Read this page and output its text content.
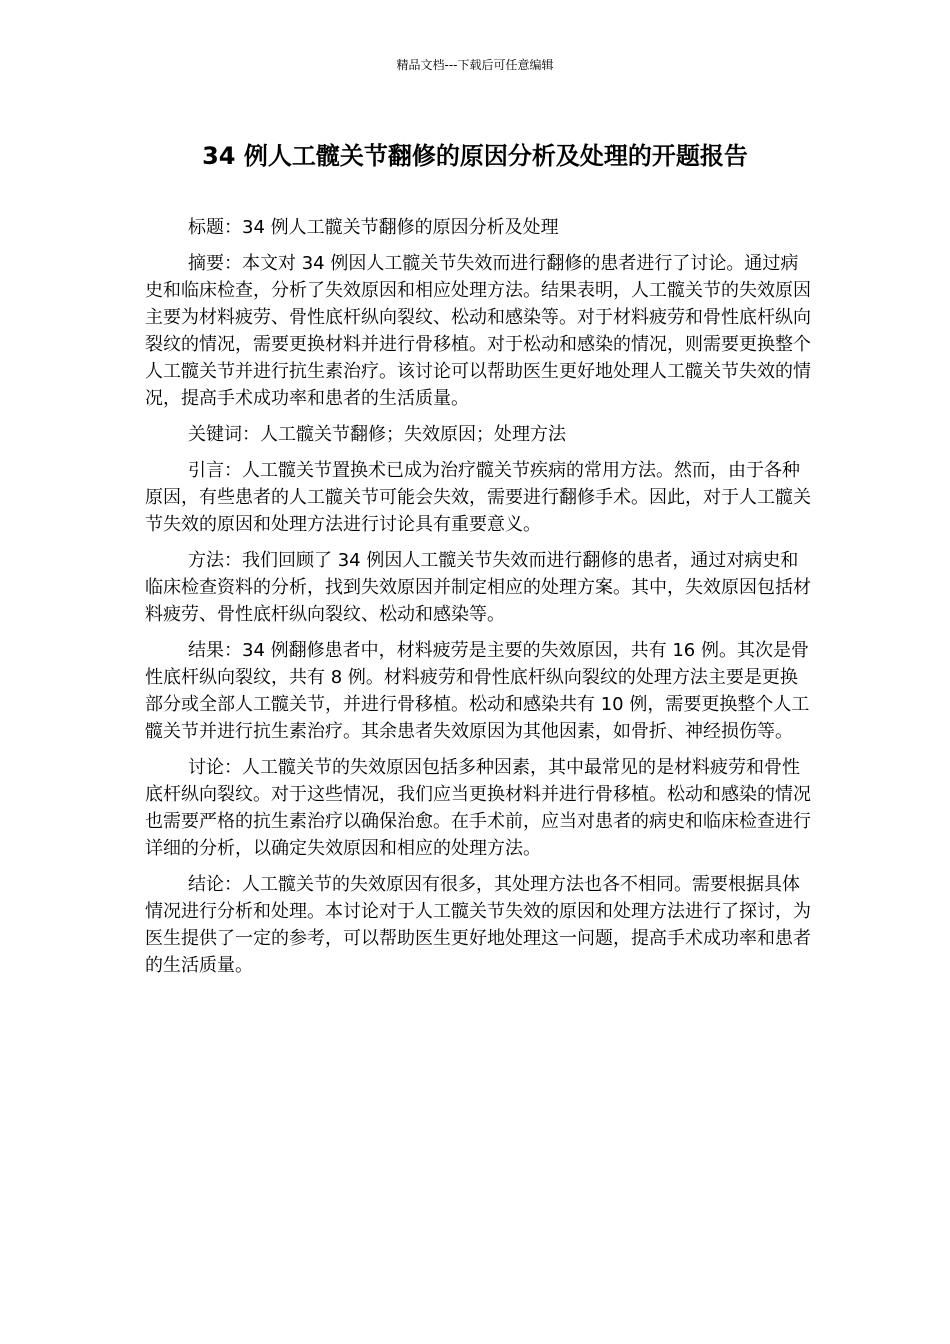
精品文档---下载后可任意编辑
34 例人工髋关节翻修的原因分析及处理的开题报告

标题：34 例人工髋关节翻修的原因分析及处理

摘要：本文对 34 例因人工髋关节失效而进行翻修的患者进行了讨论。通过病史和临床检查，分析了失效原因和相应处理方法。结果表明，人工髋关节的失效原因主要为材料疲劳、骨性底杆纵向裂纹、松动和感染等。对于材料疲劳和骨性底杆纵向裂纹的情况，需要更换材料并进行骨移植。对于松动和感染的情况，则需要更换整个人工髋关节并进行抗生素治疗。该讨论可以帮助医生更好地处理人工髋关节失效的情况，提高手术成功率和患者的生活质量。

关键词：人工髋关节翻修；失效原因；处理方法

引言：人工髋关节置换术已成为治疗髋关节疾病的常用方法。然而，由于各种原因，有些患者的人工髋关节可能会失效，需要进行翻修手术。因此，对于人工髋关节失效的原因和处理方法进行讨论具有重要意义。

方法：我们回顾了 34 例因人工髋关节失效而进行翻修的患者，通过对病史和临床检查资料的分析，找到失效原因并制定相应的处理方案。其中，失效原因包括材料疲劳、骨性底杆纵向裂纹、松动和感染等。

结果：34 例翻修患者中，材料疲劳是主要的失效原因，共有 16 例。其次是骨性底杆纵向裂纹，共有 8 例。材料疲劳和骨性底杆纵向裂纹的处理方法主要是更换部分或全部人工髋关节，并进行骨移植。松动和感染共有 10 例，需要更换整个人工髋关节并进行抗生素治疗。其余患者失效原因为其他因素，如骨折、神经损伤等。

讨论：人工髋关节的失效原因包括多种因素，其中最常见的是材料疲劳和骨性底杆纵向裂纹。对于这些情况，我们应当更换材料并进行骨移植。松动和感染的情况也需要严格的抗生素治疗以确保治愈。在手术前，应当对患者的病史和临床检查进行详细的分析，以确定失效原因和相应的处理方法。

结论：人工髋关节的失效原因有很多，其处理方法也各不相同。需要根据具体情况进行分析和处理。本讨论对于人工髋关节失效的原因和处理方法进行了探讨，为医生提供了一定的参考，可以帮助医生更好地处理这一问题，提高手术成功率和患者的生活质量。
